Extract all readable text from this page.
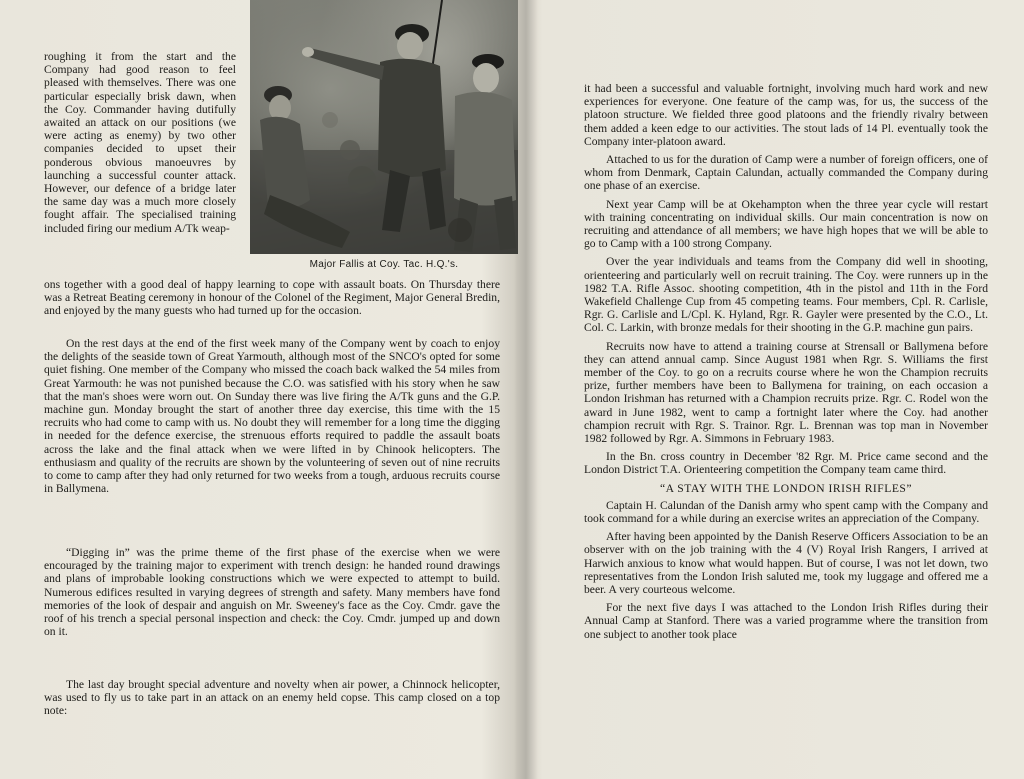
Major Fallis at Coy. Tac. H.Q.'s.

roughing it from the start and the Company had good reason to feel pleased with themselves. There was one particular especially brisk dawn, when the Coy. Commander having dutifully awaited an attack on our positions (we were acting as enemy) by two other companies decided to upset their ponderous obvious manoeuvres by launching a successful counter attack. However, our defence of a bridge later the same day was a much more closely fought affair. The specialised training included firing our medium A/Tk weap-

ons together with a good deal of happy learning to cope with assault boats. On Thursday there was a Retreat Beating ceremony in honour of the Colonel of the Regiment, Major General Bredin, and enjoyed by the many guests who had turned up for the occasion.

On the rest days at the end of the first week many of the Company went by coach to enjoy the delights of the seaside town of Great Yarmouth, although most of the SNCO's opted for some quiet fishing. One member of the Company who missed the coach back walked the 54 miles from Great Yarmouth: he was not punished because the C.O. was satisfied with his story when he saw that the man's shoes were worn out. On Sunday there was live firing the A/Tk guns and the G.P. machine gun. Monday brought the start of another three day exercise, this time with the 15 recruits who had come to camp with us. No doubt they will remember for a long time the digging in needed for the defence exercise, the strenuous efforts required to paddle the assault boats across the lake and the final attack when we were lifted in by Chinook helicopters. The enthusiasm and quality of the recruits are shown by the volunteering of seven out of nine recruits to come to camp after they had only returned for two weeks from a tough, arduous recruits course in Ballymena.

“Digging in” was the prime theme of the first phase of the exercise when we were encouraged by the training major to experiment with trench design: he handed round drawings and plans of improbable looking constructions which we were expected to attempt to build. Numerous edifices resulted in varying degrees of strength and safety. Many members have fond memories of the look of despair and anguish on Mr. Sweeney's face as the Coy. Cmdr. gave the roof of his trench a special personal inspection and check: the Coy. Cmdr. jumped up and down on it.

The last day brought special adventure and novelty when air power, a Chinnock helicopter, was used to fly us to take part in an attack on an enemy held copse. This camp closed on a top note:

it had been a successful and valuable fortnight, involving much hard work and new experiences for everyone. One feature of the camp was, for us, the success of the platoon structure. We fielded three good platoons and the friendly rivalry between them added a keen edge to our activities. The stout lads of 14 Pl. eventually took the Company inter-platoon award.

Attached to us for the duration of Camp were a number of foreign officers, one of whom from Denmark, Captain Calundan, actually commanded the Company during one phase of an exercise.

Next year Camp will be at Okehampton when the three year cycle will restart with training concentrating on individual skills. Our main concentration is now on recruiting and attendance of all members; we have high hopes that we will be able to go to Camp with a 100 strong Company.

Over the year individuals and teams from the Company did well in shooting, orienteering and particularly well on recruit training. The Coy. were runners up in the 1982 T.A. Rifle Assoc. shooting competition, 4th in the pistol and 11th in the Ford Wakefield Challenge Cup from 45 competing teams. Four members, Cpl. R. Carlisle, Rgr. G. Carlisle and L/Cpl. K. Hyland, Rgr. R. Gayler were presented by the C.O., Lt. Col. C. Larkin, with bronze medals for their shooting in the G.P. machine gun pairs.

Recruits now have to attend a training course at Strensall or Ballymena before they can attend annual camp. Since August 1981 when Rgr. S. Williams the first member of the Coy. to go on a recruits course where he won the Champion recruits prize, further members have been to Ballymena for training, on each occasion a London Irishman has returned with a Champion recruits prize. Rgr. C. Rodel won the award in June 1982, went to camp a fortnight later where the Coy. had another champion recruit with Rgr. S. Trainor. Rgr. L. Brennan was top man in November 1982 followed by Rgr. A. Simmons in February 1983.

In the Bn. cross country in December '82 Rgr. M. Price came second and the London District T.A. Orienteering competition the Company team came third.

“A STAY WITH THE LONDON IRISH RIFLES”

Captain H. Calundan of the Danish army who spent camp with the Company and took command for a while during an exercise writes an appreciation of the Company.

After having been appointed by the Danish Reserve Officers Association to be an observer with on the job training with the 4 (V) Royal Irish Rangers, I arrived at Harwich anxious to know what would happen. But of course, I was not let down, two representatives from the London Irish saluted me, took my luggage and offered me a beer. A very courteous welcome.

For the next five days I was attached to the London Irish Rifles during their Annual Camp at Stanford. There was a varied programme where the transition from one subject to another took place
